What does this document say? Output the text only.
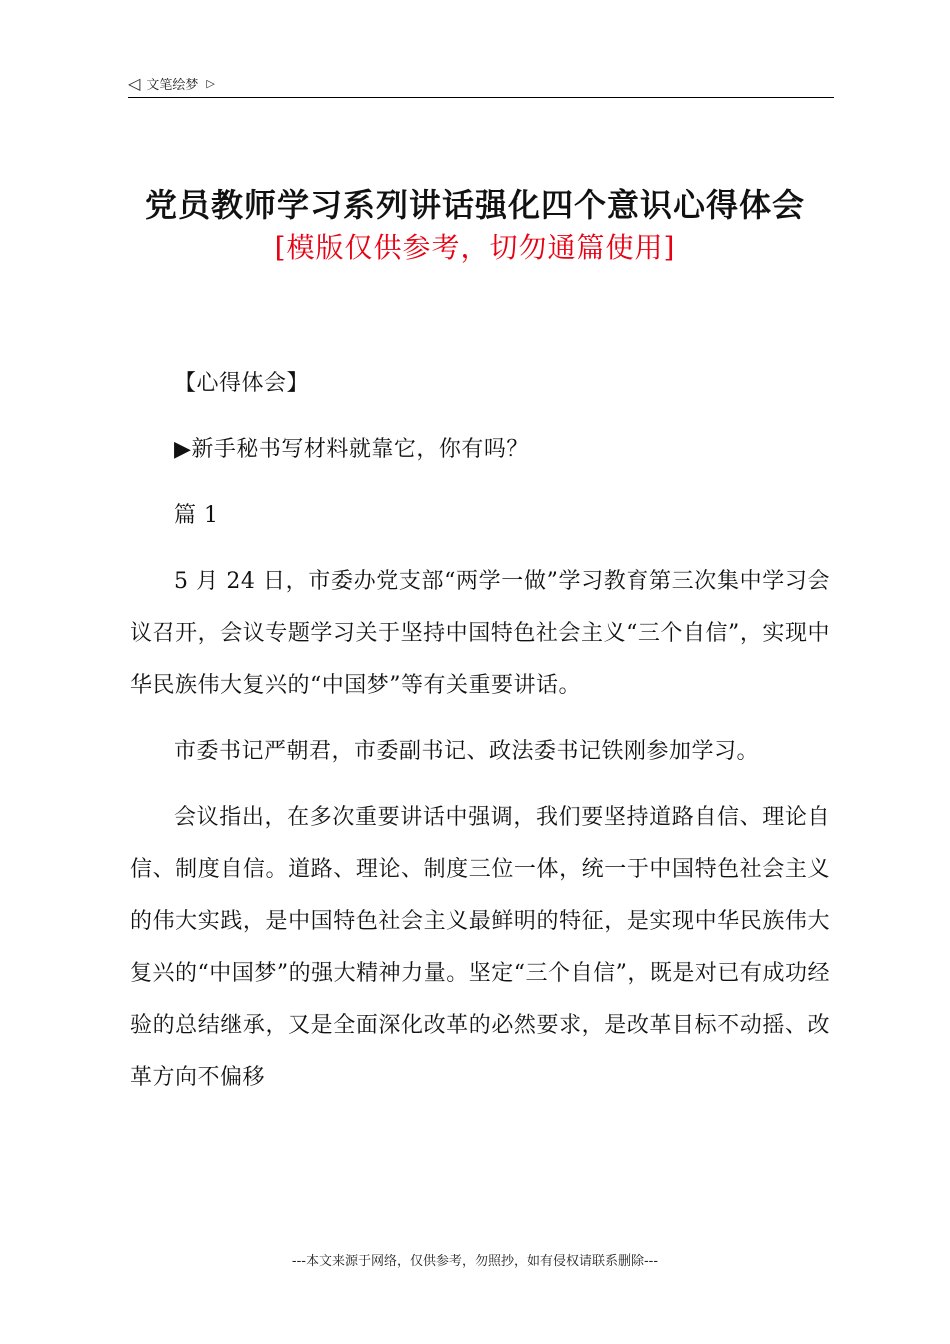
◁ 文笔绘梦 ▷
党员教师学习系列讲话强化四个意识心得体会
[模版仅供参考，切勿通篇使用]

【心得体会】

▶新手秘书写材料就靠它，你有吗？

篇 1

5 月 24 日，市委办党支部“两学一做”学习教育第三次集中学习会议召开，会议专题学习关于坚持中国特色社会主义“三个自信”，实现中华民族伟大复兴的“中国梦”等有关重要讲话。

市委书记严朝君，市委副书记、政法委书记铁刚参加学习。

会议指出，在多次重要讲话中强调，我们要坚持道路自信、理论自信、制度自信。道路、理论、制度三位一体，统一于中国特色社会主义的伟大实践，是中国特色社会主义最鲜明的特征，是实现中华民族伟大复兴的“中国梦”的强大精神力量。坚定“三个自信”，既是对已有成功经验的总结继承，又是全面深化改革的必然要求，是改革目标不动摇、改革方向不偏移

---本文来源于网络，仅供参考，勿照抄，如有侵权请联系删除---
